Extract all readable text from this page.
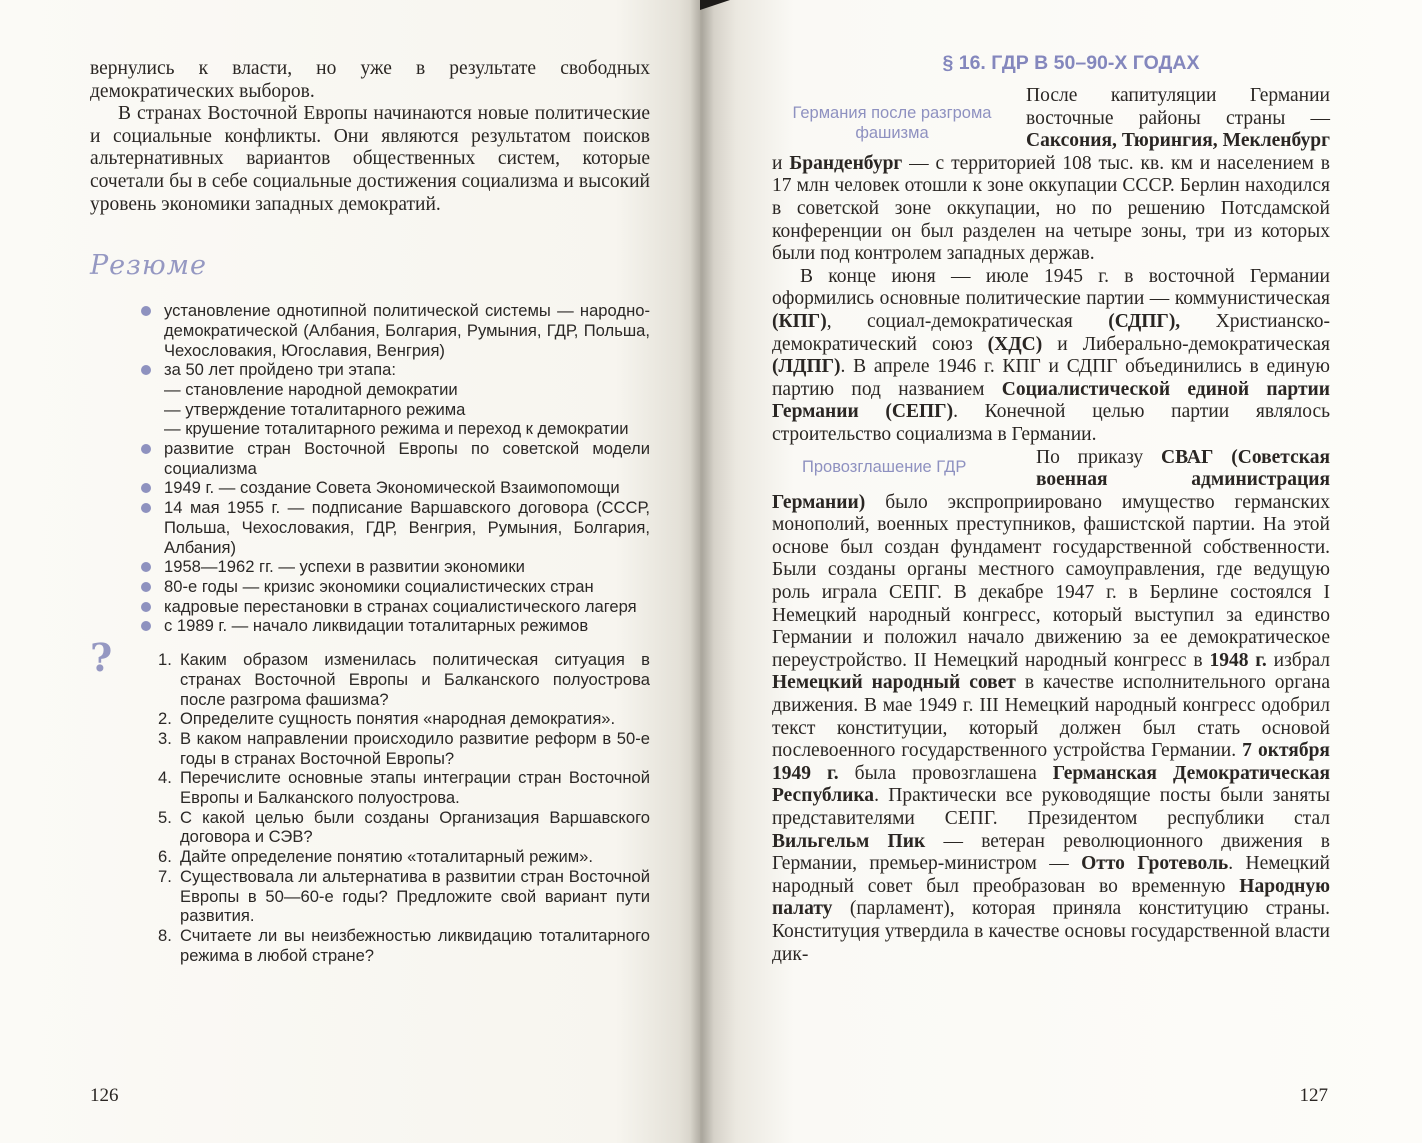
вернулись к власти, но уже в результате свободных демократических выборов.

В странах Восточной Европы начинаются новые политические и социальные конфликты. Они являются результатом поисков альтернативных вариантов общественных систем, которые сочетали бы в себе социальные достижения социализма и высокий уровень экономики западных демократий.

Резюме
установление однотипной политической системы — народно-демократической (Албания, Болгария, Румыния, ГДР, Польша, Чехословакия, Югославия, Венгрия)
за 50 лет пройдено три этапа:
— становление народной демократии
— утверждение тоталитарного режима
— крушение тоталитарного режима и переход к демократии
развитие стран Восточной Европы по советской модели социализма
1949 г. — создание Совета Экономической Взаимопомощи
14 мая 1955 г. — подписание Варшавского договора (СССР, Польша, Чехословакия, ГДР, Венгрия, Румыния, Болгария, Албания)
1958—1962 гг. — успехи в развитии экономики
80-е годы — кризис экономики социалистических стран
кадровые перестановки в странах социалистического лагеря
с 1989 г. — начало ликвидации тоталитарных режимов
?	1. Каким образом изменилась политическая ситуация в странах Восточной Европы и Балканского полуострова после разгрома фашизма?
2. Определите сущность понятия «народная демократия».
3. В каком направлении происходило развитие реформ в 50-е годы в странах Восточной Европы?
4. Перечислите основные этапы интеграции стран Восточной Европы и Балканского полуострова.
5. С какой целью были созданы Организация Варшавского договора и СЭВ?
6. Дайте определение понятию «тоталитарный режим».
7. Существовала ли альтернатива в развитии стран Восточной Европы в 50—60-е годы? Предложите свой вариант пути развития.
8. Считаете ли вы неизбежностью ликвидацию тоталитарного режима в любой стране?
126
§ 16. ГДР В 50–90-Х ГОДАХ
Германия после разгрома фашизма

После капитуляции Германии восточные районы страны — Саксония, Тюрингия, Мекленбург и Бранденбург — с территорией 108 тыс. кв. км и населением в 17 млн человек отошли к зоне оккупации СССР. Берлин находился в советской зоне оккупации, но по решению Потсдамской конференции он был разделен на четыре зоны, три из которых были под контролем западных держав.

В конце июня — июле 1945 г. в восточной Германии оформились основные политические партии — коммунистическая (КПГ), социал-демократическая (СДПГ), Христианско-демократический союз (ХДС) и Либерально-демократическая (ЛДПГ). В апреле 1946 г. КПГ и СДПГ объединились в единую партию под названием Социалистической единой партии Германии (СЕПГ). Конечной целью партии являлось строительство социализма в Германии.

Провозглашение ГДР	По приказу СВАГ (Советская военная администрация Германии) было экспроприировано имущество германских монополий, военных преступников, фашистской партии. На этой основе был создан фундамент государственной собственности. Были созданы органы местного самоуправления, где ведущую роль играла СЕПГ. В декабре 1947 г. в Берлине состоялся I Немецкий народный конгресс, который выступил за единство Германии и положил начало движению за ее демократическое переустройство. II Немецкий народный конгресс в 1948 г. избрал Немецкий народный совет в качестве исполнительного органа движения. В мае 1949 г. III Немецкий народный конгресс одобрил текст конституции, который должен был стать основой послевоенного государственного устройства Германии. 7 октября 1949 г. была провозглашена Германская Демократическая Республика. Практически все руководящие посты были заняты представителями СЕПГ. Президентом республики стал Вильгельм Пик — ветеран революционного движения в Германии, премьер-министром — Отто Гротеволь. Немецкий народный совет был преобразован во временную Народную палату (парламент), которая приняла конституцию страны. Конституция утвердила в качестве основы государственной власти дик-

127
